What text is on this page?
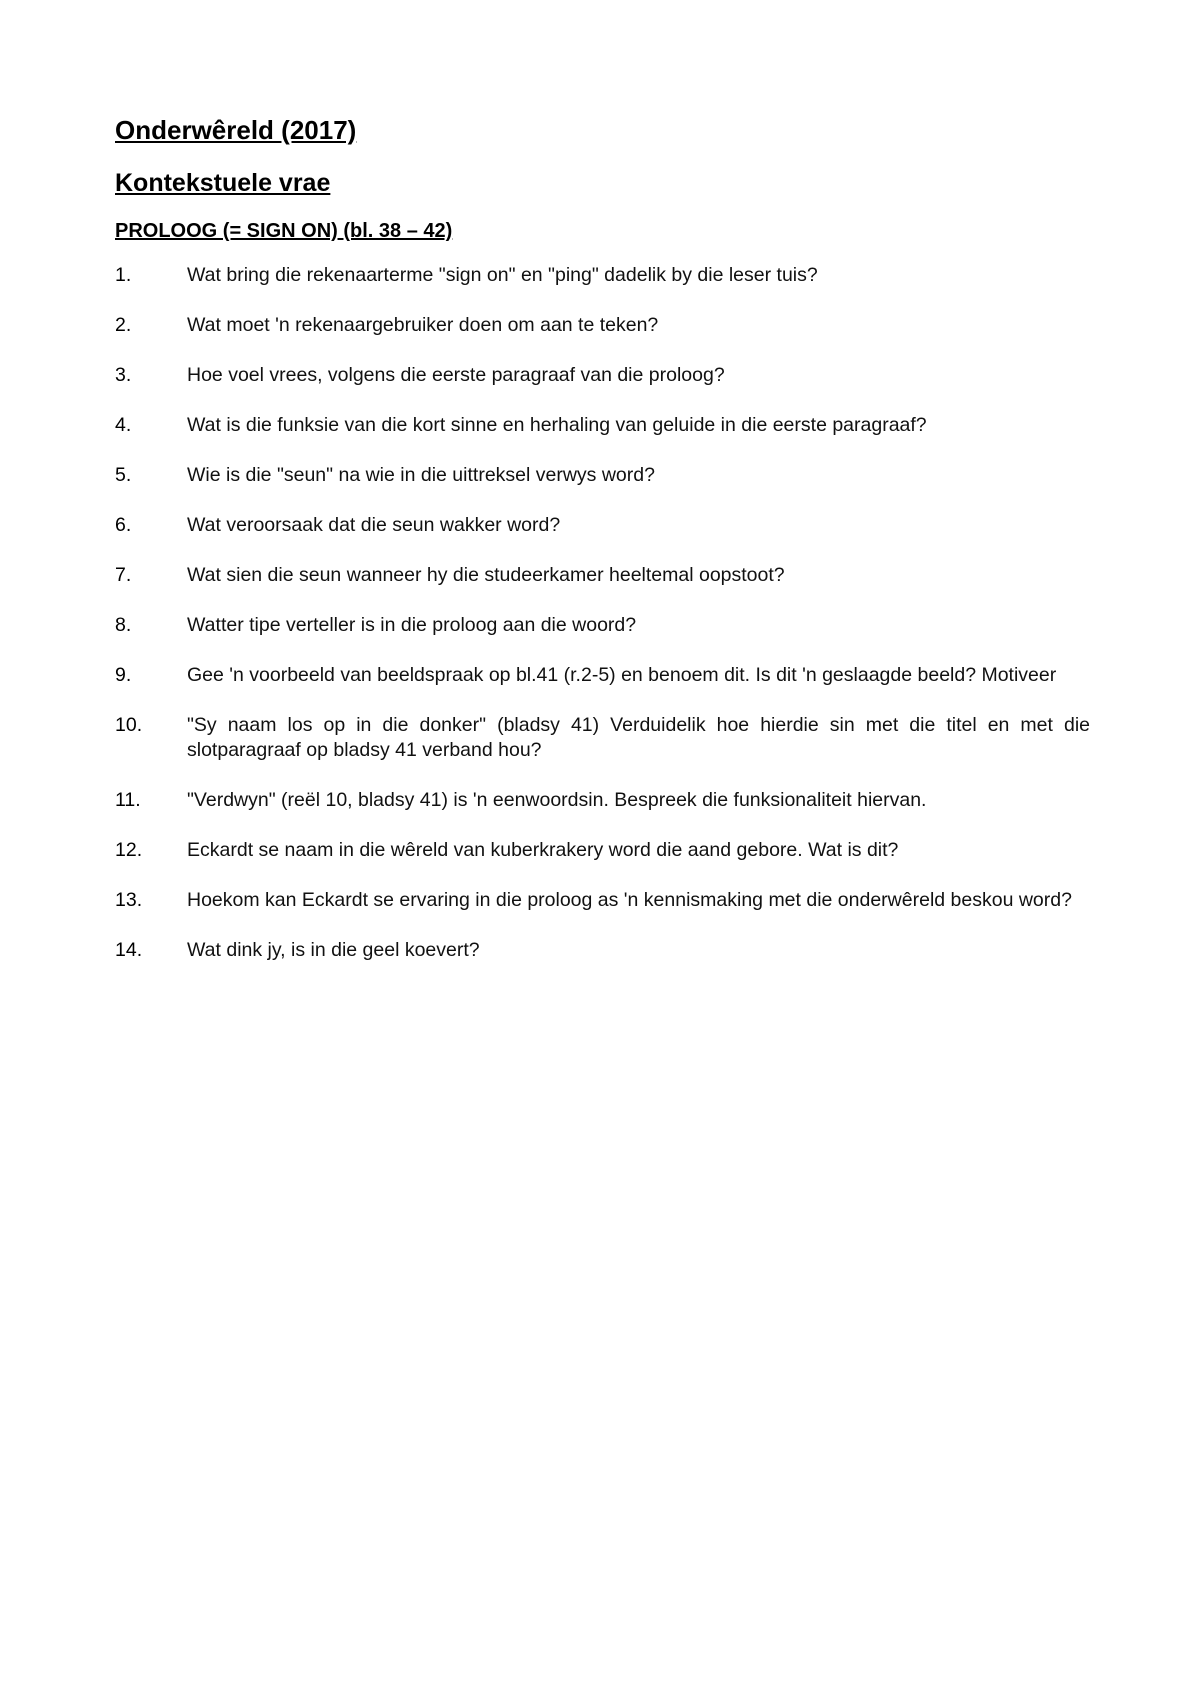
Onderwêreld (2017)
Kontekstuele vrae
PROLOOG (= SIGN ON) (bl. 38 – 42)
1.	Wat bring die rekenaarterme "sign on" en "ping" dadelik by die leser tuis?
2.	Wat moet 'n rekenaargebruiker doen om aan te teken?
3.	Hoe voel vrees, volgens die eerste paragraaf van die proloog?
4.	Wat is die funksie van die kort sinne en herhaling van geluide in die eerste paragraaf?
5.	Wie is die "seun" na wie in die uittreksel verwys word?
6.	Wat veroorsaak dat die seun wakker word?
7.	Wat sien die seun wanneer hy die studeerkamer heeltemal oopstoot?
8.	Watter tipe verteller is in die proloog aan die woord?
9.	Gee 'n voorbeeld van beeldspraak op bl.41 (r.2-5) en benoem dit. Is dit 'n geslaagde beeld? Motiveer
10.	"Sy naam los op in die donker" (bladsy 41) Verduidelik hoe hierdie sin met die titel en met die slotparagraaf op bladsy 41 verband hou?
11.	"Verdwyn" (reël 10, bladsy 41) is 'n eenwoordsin. Bespreek die funksionaliteit hiervan.
12.	Eckardt se naam in die wêreld van kuberkrakery word die aand gebore. Wat is dit?
13.	Hoekom kan Eckardt se ervaring in die proloog as 'n kennismaking met die onderwêreld beskou word?
14.	Wat dink jy, is in die geel koevert?
